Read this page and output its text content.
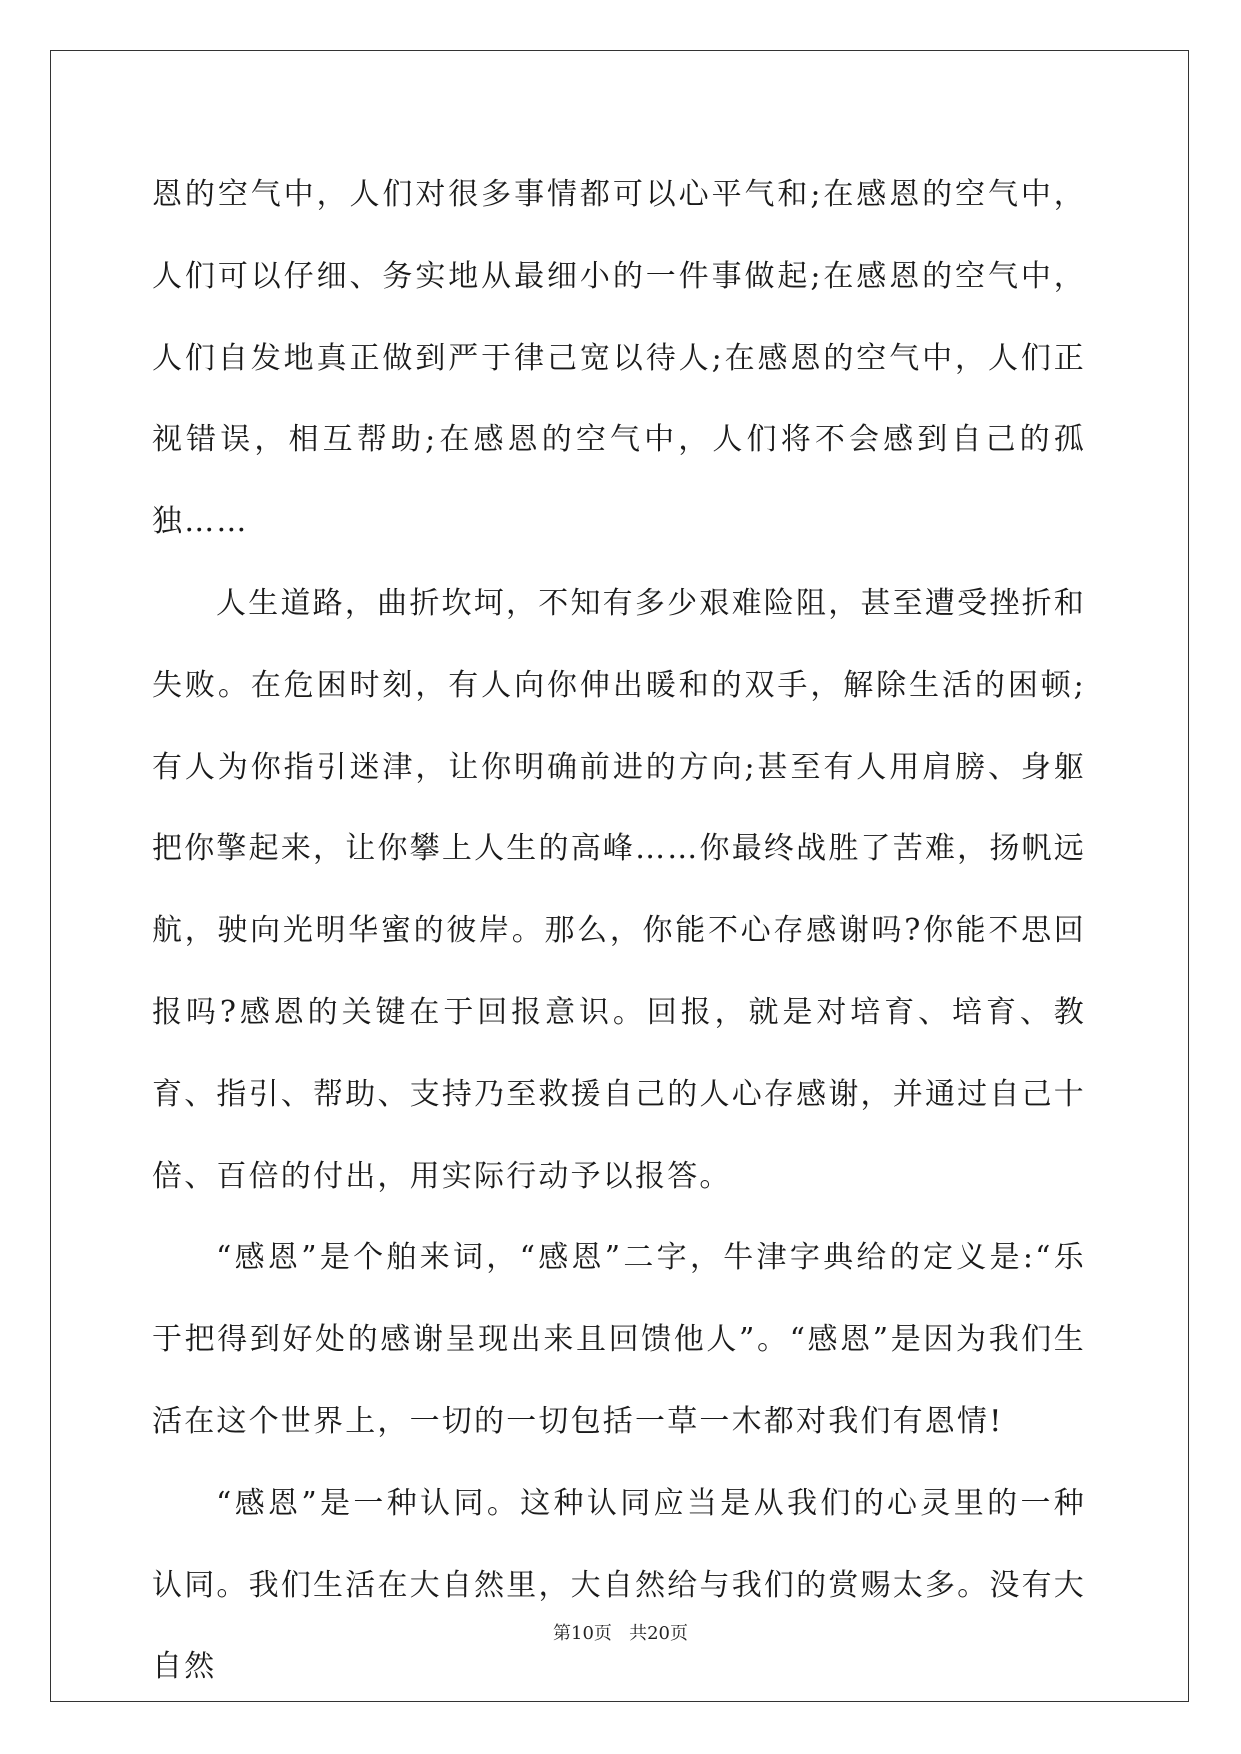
恩的空气中，人们对很多事情都可以心平气和;在感恩的空气中，人们可以仔细、务实地从最细小的一件事做起;在感恩的空气中，人们自发地真正做到严于律己宽以待人;在感恩的空气中，人们正视错误，相互帮助;在感恩的空气中，人们将不会感到自己的孤独……

人生道路，曲折坎坷，不知有多少艰难险阻，甚至遭受挫折和失败。在危困时刻，有人向你伸出暖和的双手，解除生活的困顿;有人为你指引迷津，让你明确前进的方向;甚至有人用肩膀、身躯把你擎起来，让你攀上人生的高峰……你最终战胜了苦难，扬帆远航，驶向光明华蜜的彼岸。那么，你能不心存感谢吗?你能不思回报吗?感恩的关键在于回报意识。回报，就是对培育、培育、教育、指引、帮助、支持乃至救援自己的人心存感谢，并通过自己十倍、百倍的付出，用实际行动予以报答。

“感恩”是个舶来词，“感恩”二字，牛津字典给的定义是:“乐于把得到好处的感谢呈现出来且回馈他人”。“感恩”是因为我们生活在这个世界上，一切的一切包括一草一木都对我们有恩情!

“感恩”是一种认同。这种认同应当是从我们的心灵里的一种认同。我们生活在大自然里，大自然给与我们的赏赐太多。没有大自然

第10页   共20页
